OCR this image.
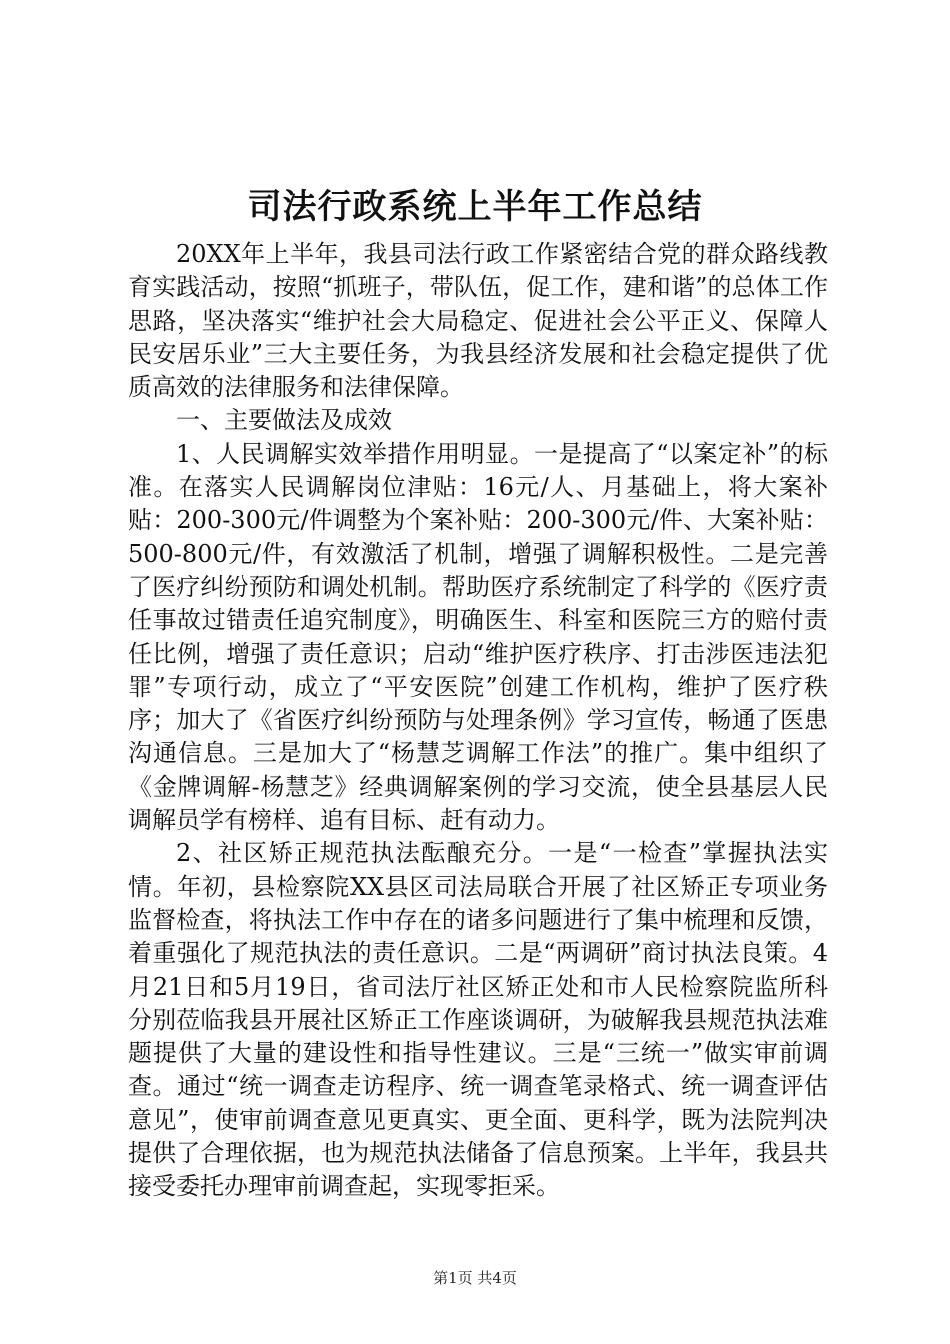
司法行政系统上半年工作总结

20XX年上半年，我县司法行政工作紧密结合党的群众路线教育实践活动，按照“抓班子，带队伍，促工作，建和谐”的总体工作思路，坚决落实“维护社会大局稳定、促进社会公平正义、保障人民安居乐业”三大主要任务，为我县经济发展和社会稳定提供了优质高效的法律服务和法律保障。

一、主要做法及成效

1、人民调解实效举措作用明显。一是提高了“以案定补”的标准。在落实人民调解岗位津贴：16元/人、月基础上，将大案补贴：200-300元/件调整为个案补贴：200-300元/件、大案补贴：500-800元/件，有效激活了机制，增强了调解积极性。二是完善了医疗纠纷预防和调处机制。帮助医疗系统制定了科学的《医疗责任事故过错责任追究制度》，明确医生、科室和医院三方的赔付责任比例，增强了责任意识；启动“维护医疗秩序、打击涉医违法犯罪”专项行动，成立了“平安医院”创建工作机构，维护了医疗秩序；加大了《省医疗纠纷预防与处理条例》学习宣传，畅通了医患沟通信息。三是加大了“杨慧芝调解工作法”的推广。集中组织了《金牌调解-杨慧芝》经典调解案例的学习交流，使全县基层人民调解员学有榜样、追有目标、赶有动力。

2、社区矫正规范执法酝酿充分。一是“一检查”掌握执法实情。年初，县检察院XX县区司法局联合开展了社区矫正专项业务监督检查，将执法工作中存在的诸多问题进行了集中梳理和反馈，着重强化了规范执法的责任意识。二是“两调研”商讨执法良策。4月21日和5月19日，省司法厅社区矫正处和市人民检察院监所科分别莅临我县开展社区矫正工作座谈调研，为破解我县规范执法难题提供了大量的建设性和指导性建议。三是“三统一”做实审前调查。通过“统一调查走访程序、统一调查笔录格式、统一调查评估意见”，使审前调查意见更真实、更全面、更科学，既为法院判决提供了合理依据，也为规范执法储备了信息预案。上半年，我县共接受委托办理审前调查起，实现零拒采。

第1页 共4页
